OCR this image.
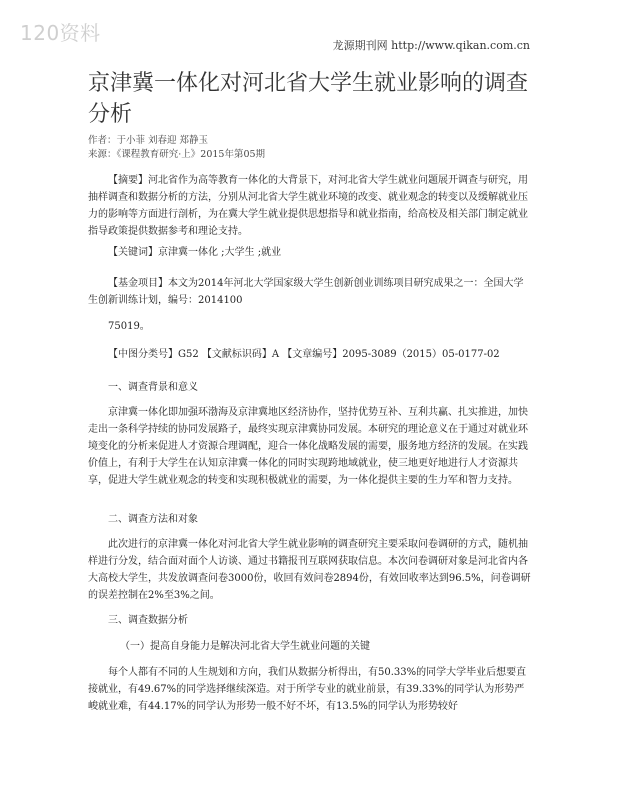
120资料
龙源期刊网 http://www.qikan.com.cn
京津冀一体化对河北省大学生就业影响的调查分析
作者：于小菲 刘春迎 郑静玉
来源：《课程教育研究·上》2015年第05期

【摘要】河北省作为高等教育一体化的大背景下，对河北省大学生就业问题展开调查与研究，用抽样调查和数据分析的方法，分别从河北省大学生就业环境的改变、就业观念的转变以及缓解就业压力的影响等方面进行剖析，为在冀大学生就业提供思想指导和就业指南，给高校及相关部门制定就业指导政策提供数据参考和理论支持。

【关键词】京津冀一体化 ;大学生 ;就业

【基金项目】本文为2014年河北大学国家级大学生创新创业训练项目研究成果之一：全国大学生创新训练计划，编号：2014100

75019。

【中图分类号】G52 【文献标识码】A 【文章编号】2095-3089（2015）05-0177-02

一、调查背景和意义

京津冀一体化即加强环渤海及京津冀地区经济协作，坚持优势互补、互利共赢、扎实推进，加快走出一条科学持续的协同发展路子，最终实现京津冀协同发展。本研究的理论意义在于通过对就业环境变化的分析来促进人才资源合理调配，迎合一体化战略发展的需要，服务地方经济的发展。在实践价值上，有利于大学生在认知京津冀一体化的同时实现跨地域就业，使三地更好地进行人才资源共享，促进大学生就业观念的转变和实现积极就业的需要，为一体化提供主要的生力军和智力支持。

二、调查方法和对象

此次进行的京津冀一体化对河北省大学生就业影响的调查研究主要采取问卷调研的方式，随机抽样进行分发，结合面对面个人访谈、通过书籍报刊互联网获取信息。本次问卷调研对象是河北省内各大高校大学生，共发放调查问卷3000份，收回有效问卷2894份，有效回收率达到96.5%，问卷调研的误差控制在2%至3%之间。

三、调查数据分析
（一）提高自身能力是解决河北省大学生就业问题的关键

每个人都有不同的人生规划和方向，我们从数据分析得出，有50.33%的同学大学毕业后想要直接就业，有49.67%的同学选择继续深造。对于所学专业的就业前景，有39.33%的同学认为形势严峻就业难，有44.17%的同学认为形势一般不好不坏，有13.5%的同学认为形势较好
